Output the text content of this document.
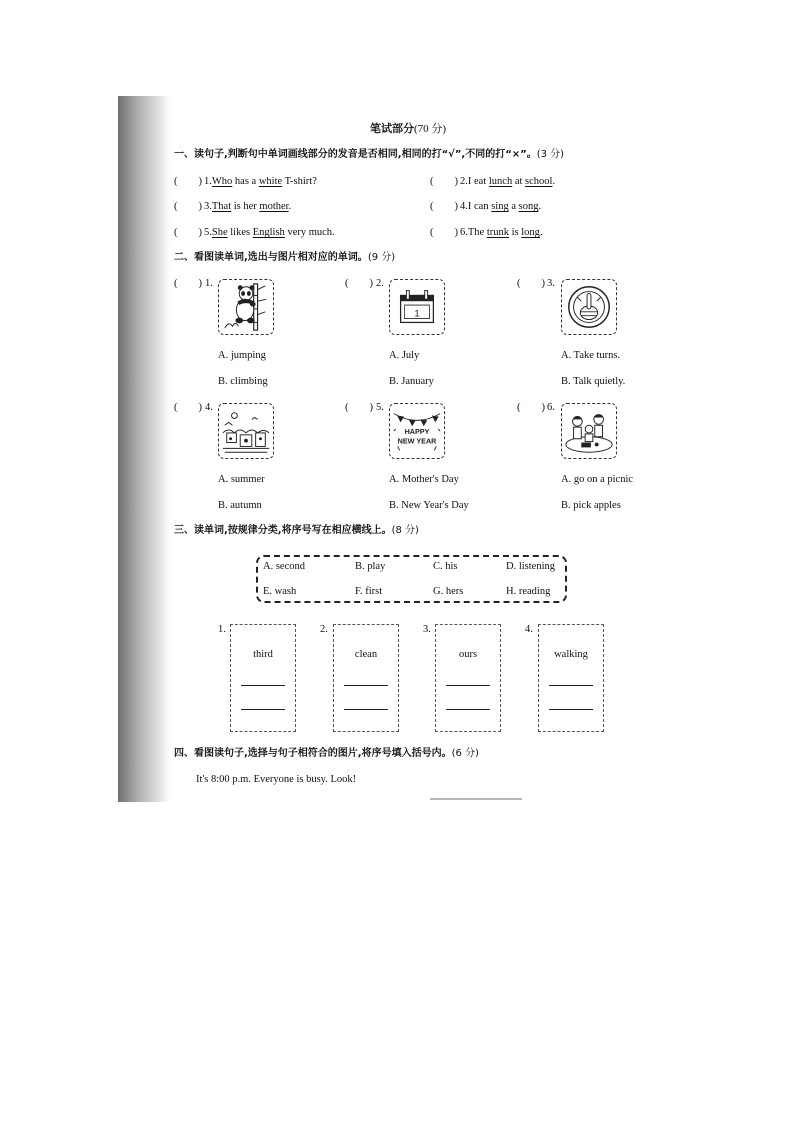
笔试部分(70 分)
一、读句子,判断句中单词画线部分的发音是否相同,相同的打“√”,不同的打“×”。(3 分)
(　　) 1.Who has a white T-shirt?	(　　) 2.I eat lunch at school.
(　　) 3.That is her mother.	(　　) 4.I can sing a song.
(　　) 5.She likes English very much.	(　　) 6.The trunk is long.
二、看图读单词,选出与图片相对应的单词。(9 分)
(　　) 1.
A. jumping
B. climbing
(　　) 2.
1
A. July
B. January
(　　) 3.
A. Take turns.
B. Talk quietly.
(　　) 4.
A. summer
B. autumn
(　　) 5.
HAPPY
NEW YEAR
A. Mother's Day
B. New Year's Day
(　　) 6.
A. go on a picnic
B. pick apples
三、读单词,按规律分类,将序号写在相应横线上。(8 分)
A. second	B. play	C. his	D. listening
E. wash	F. first	G. hers	H. reading
1.
third
2.
clean
3.
ours
4.
walking
四、看图读句子,选择与句子相符合的图片,将序号填入括号内。(6 分)
It's 8:00 p.m. Everyone is busy. Look!
